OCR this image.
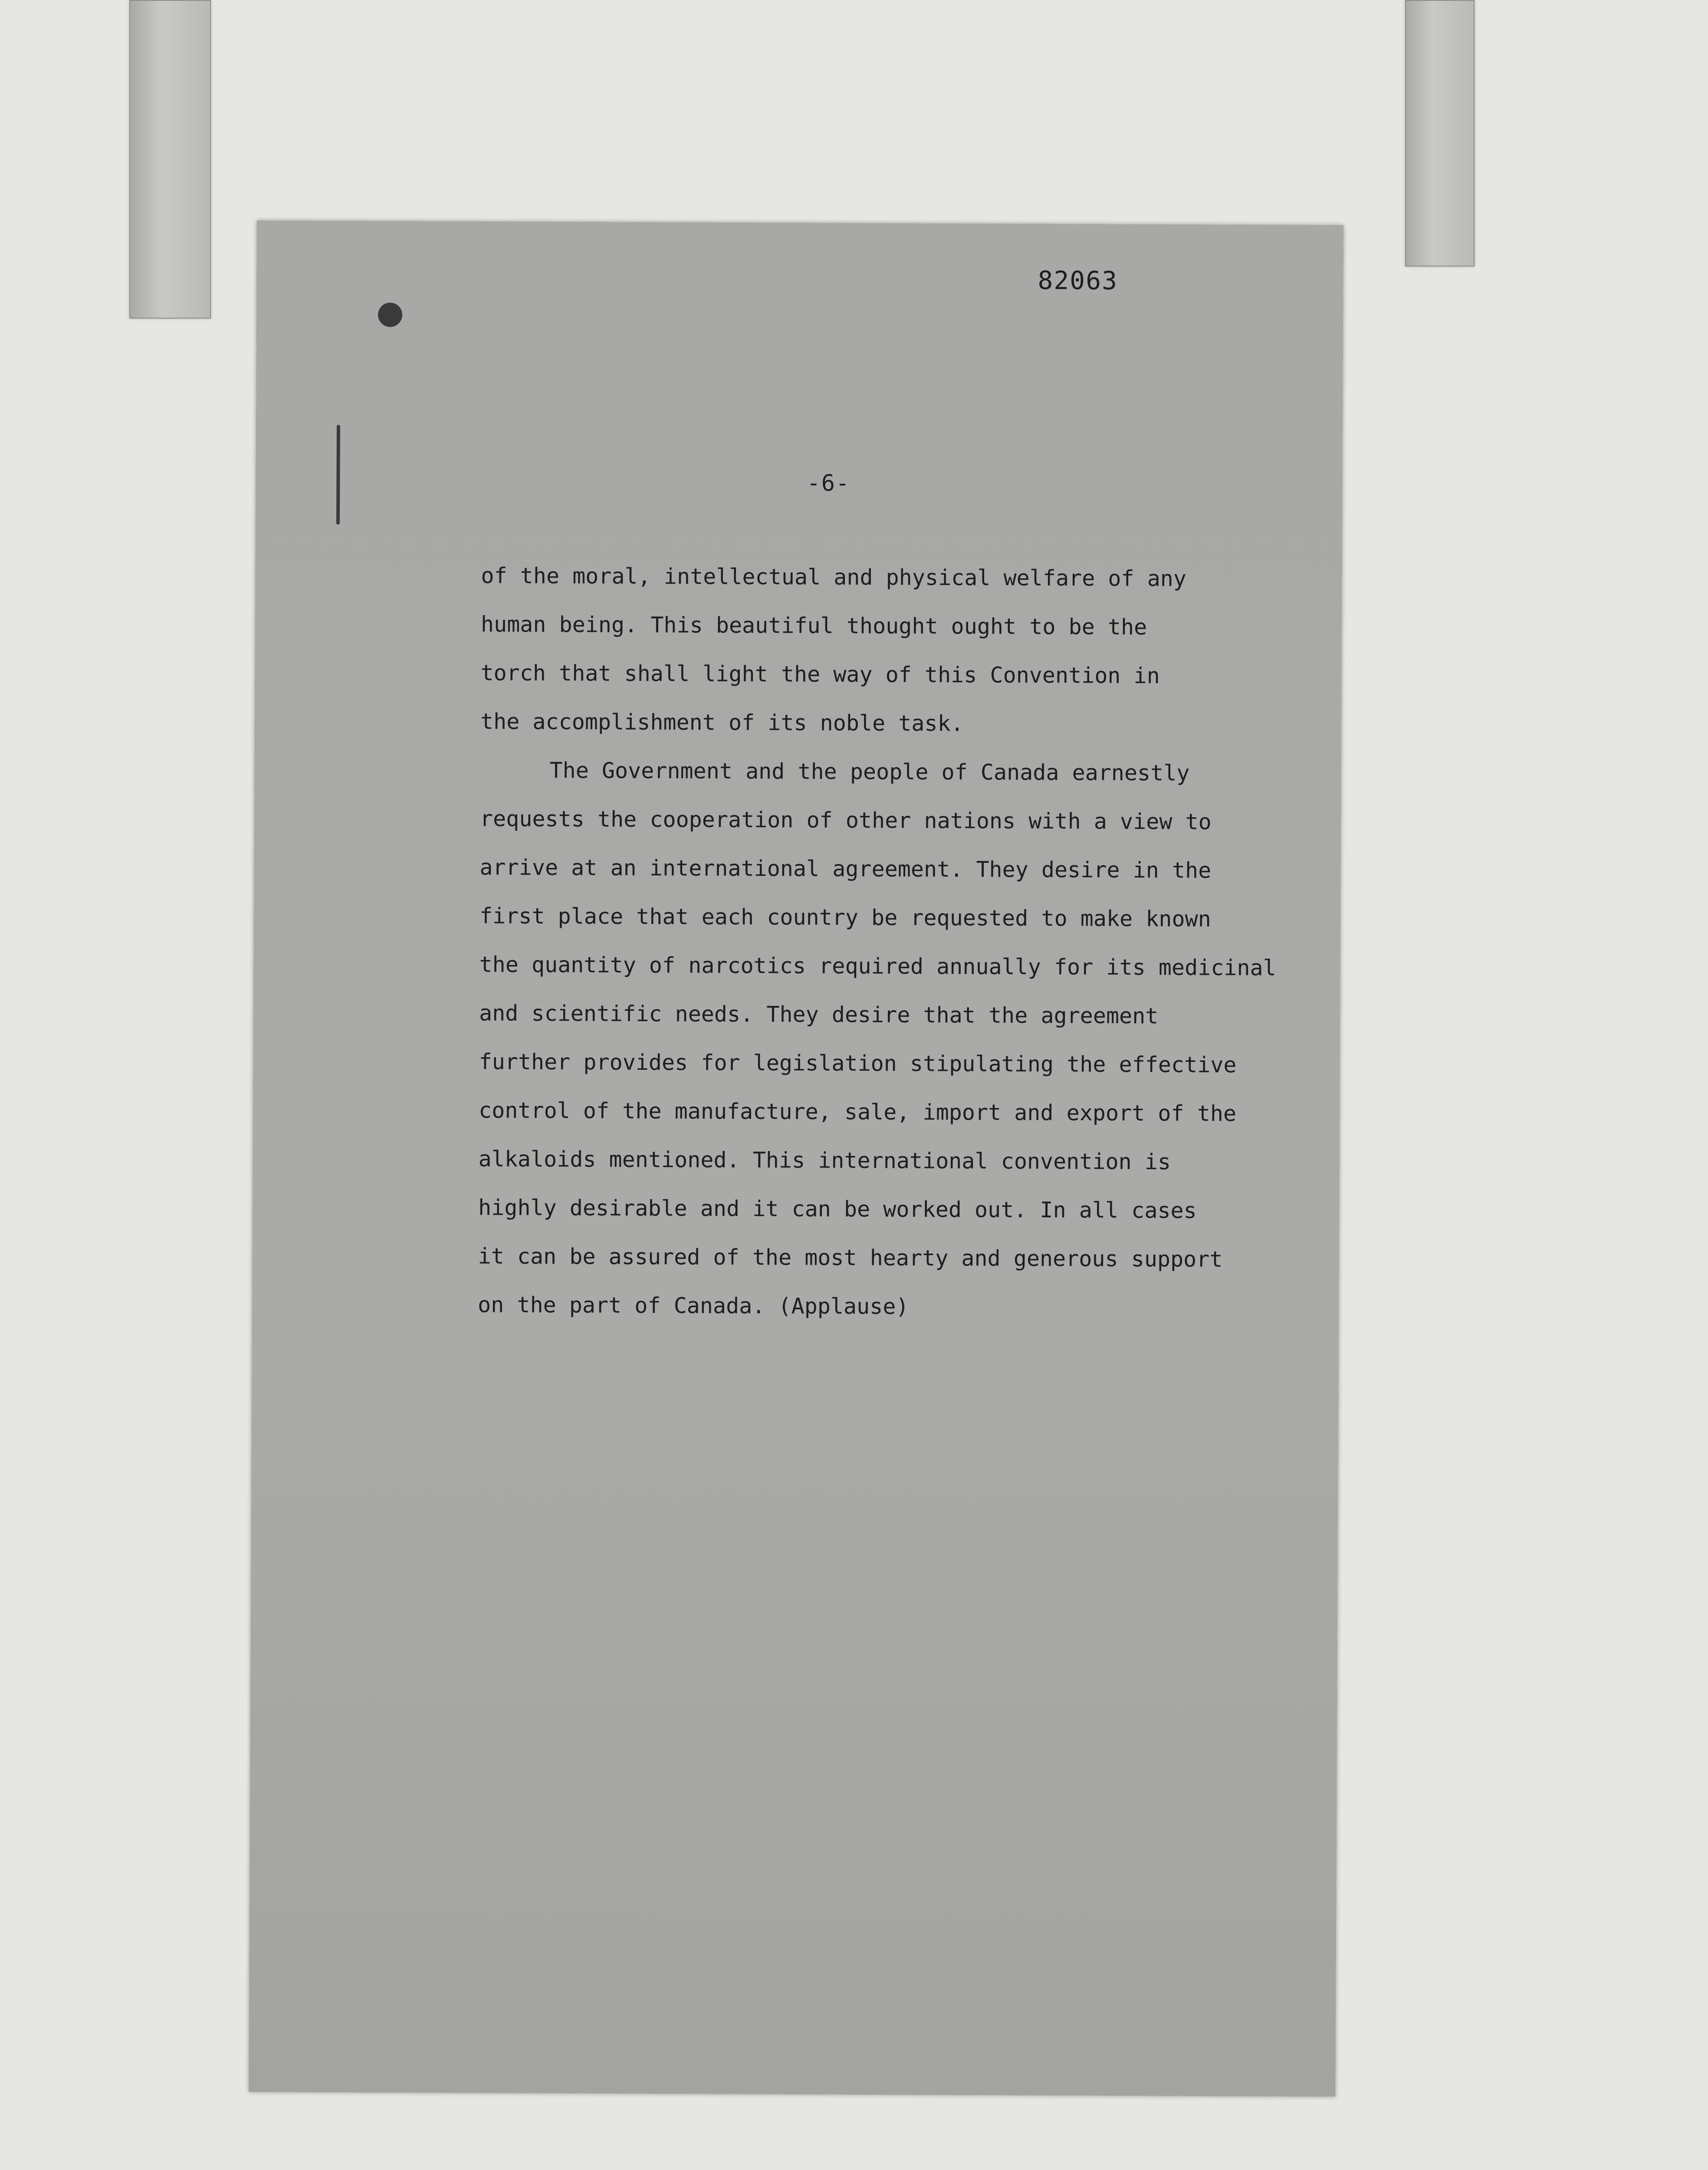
82063
-6-

of the moral, intellectual and physical welfare of any
human being. This beautiful thought ought to be the
torch that shall light the way of this Convention in
the accomplishment of its noble task.

The Government and the people of Canada earnestly
requests the cooperation of other nations with a view to
arrive at an international agreement. They desire in the
first place that each country be requested to make known
the quantity of narcotics required annually for its medicinal
and scientific needs. They desire that the agreement
further provides for legislation stipulating the effective
control of the manufacture, sale, import and export of the
alkaloids mentioned. This international convention is
highly desirable and it can be worked out. In all cases
it can be assured of the most hearty and generous support
on the part of Canada. (Applause)
